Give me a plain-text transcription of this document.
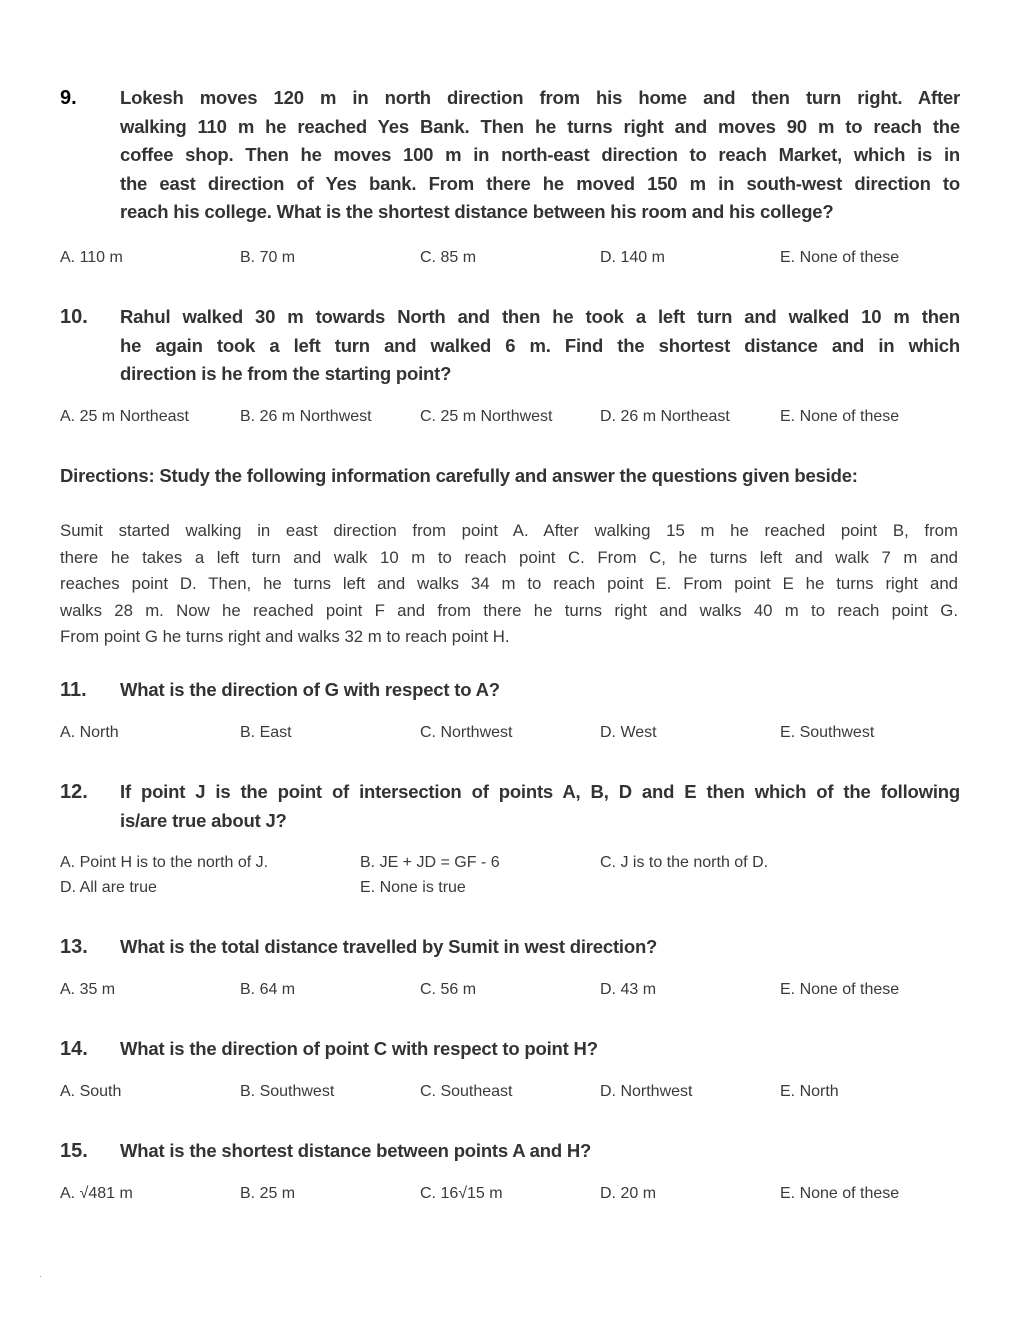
9. Lokesh moves 120 m in north direction from his home and then turn right. After
walking 110 m he reached Yes Bank. Then he turns right and moves 90 m to reach the
coffee shop. Then he moves 100 m in north-east direction to reach Market, which is in
the east direction of Yes bank. From there he moved 150 m in south-west direction to
reach his college. What is the shortest distance between his room and his college?
A. 110 m	B. 70 m	C. 85 m	D. 140 m	E. None of these
10. Rahul walked 30 m towards North and then he took a left turn and walked 10 m then
he again took a left turn and walked 6 m. Find the shortest distance and in which
direction is he from the starting point?
A. 25 m Northeast	B. 26 m Northwest	C. 25 m Northwest	D. 26 m Northeast	E. None of these
11. What is the direction of G with respect to A?
A. North	B. East	C. Northwest	D. West	E. Southwest
12. If point J is the point of intersection of points A, B, D and E then which of the following
is/are true about J?
A. Point H is to the north of J.	B. JE + JD = GF - 6	C. J is to the north of D.
D. All are true	E. None is true
13. What is the total distance travelled by Sumit in west direction?
A. 35 m	B. 64 m	C. 56 m	D. 43 m	E. None of these
14. What is the direction of point C with respect to point H?
A. South	B. Southwest	C. Southeast	D. Northwest	E. North
15. What is the shortest distance between points A and H?
A. √481 m	B. 25 m	C. 16√15 m	D. 20 m	E. None of these
Directions: Study the following information carefully and answer the questions given beside:
Sumit started walking in east direction from point A. After walking 15 m he reached point B, from
there he takes a left turn and walk 10 m to reach point C. From C, he turns left and walk 7 m and
reaches point D. Then, he turns left and walks 34 m to reach point E. From point E he turns right and
walks 28 m. Now he reached point F and from there he turns right and walks 40 m to reach point G.
From point G he turns right and walks 32 m to reach point H.
